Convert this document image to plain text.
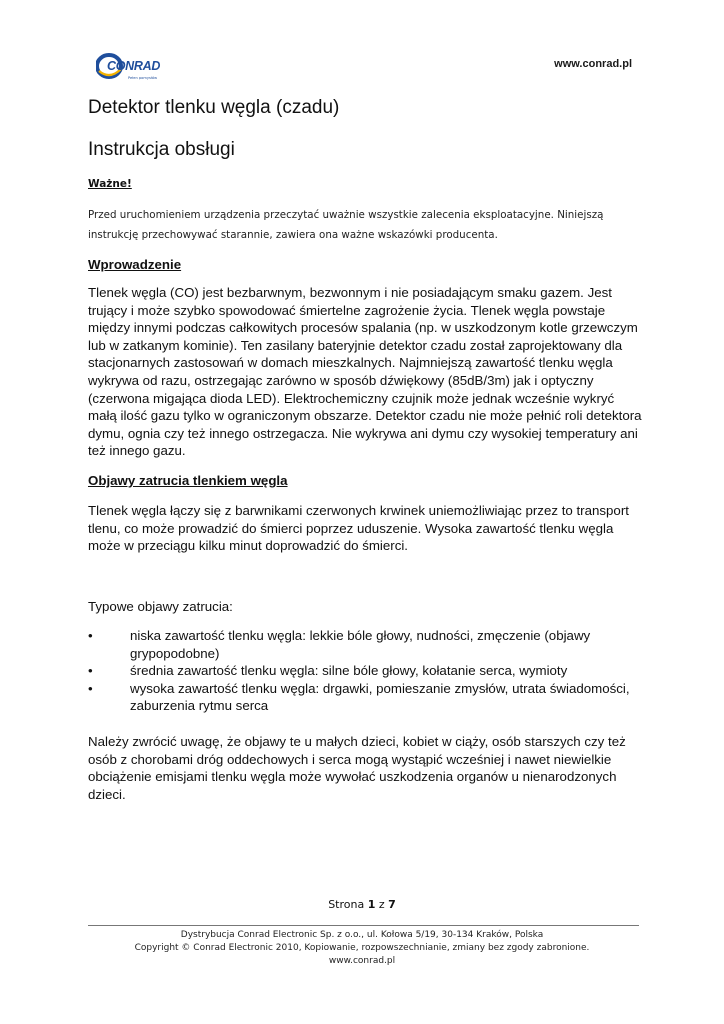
CONRAD
Pełen pomysłów
www.conrad.pl
Detektor tlenku węgla (czadu)
Instrukcja obsługi
Ważne!
Przed uruchomieniem urządzenia przeczytać uważnie wszystkie zalecenia eksploatacyjne. Niniejszą instrukcję przechowywać starannie, zawiera ona ważne wskazówki producenta.
Wprowadzenie
Tlenek węgla (CO) jest bezbarwnym, bezwonnym i nie posiadającym smaku gazem. Jest trujący i może szybko spowodować śmiertelne zagrożenie życia. Tlenek węgla powstaje między innymi podczas całkowitych procesów spalania (np. w uszkodzonym kotle grzewczym lub w zatkanym kominie). Ten zasilany bateryjnie detektor czadu został zaprojektowany dla stacjonarnych zastosowań w domach mieszkalnych. Najmniejszą zawartość tlenku węgla wykrywa od razu, ostrzegając zarówno w sposób dźwiękowy (85dB/3m) jak i optyczny (czerwona migająca dioda LED). Elektrochemiczny czujnik może jednak wcześnie wykryć małą ilość gazu tylko w ograniczonym obszarze. Detektor czadu nie może pełnić roli detektora dymu, ognia czy też innego ostrzegacza. Nie wykrywa ani dymu czy wysokiej temperatury ani też innego gazu.
Objawy zatrucia tlenkiem węgla
Tlenek węgla łączy się z barwnikami czerwonych krwinek uniemożliwiając przez to transport tlenu, co może prowadzić do śmierci poprzez uduszenie. Wysoka zawartość tlenku węgla może w przeciągu kilku minut doprowadzić do śmierci.
Typowe objawy zatrucia:
•	niska zawartość tlenku węgla: lekkie bóle głowy, nudności, zmęczenie (objawy grypopodobne)
•	średnia zawartość tlenku węgla: silne bóle głowy, kołatanie serca, wymioty
•	wysoka zawartość tlenku węgla: drgawki, pomieszanie zmysłów, utrata świadomości, zaburzenia rytmu serca
Należy zwrócić uwagę, że objawy te u małych dzieci, kobiet w ciąży, osób starszych czy też osób z chorobami dróg oddechowych i serca mogą wystąpić wcześniej i nawet niewielkie obciążenie emisjami tlenku węgla może wywołać uszkodzenia organów u nienarodzonych dzieci.
Strona 1 z 7
Dystrybucja Conrad Electronic Sp. z o.o., ul. Kołowa 5/19, 30-134 Kraków, Polska
Copyright © Conrad Electronic 2010, Kopiowanie, rozpowszechnianie, zmiany bez zgody zabronione.
www.conrad.pl
